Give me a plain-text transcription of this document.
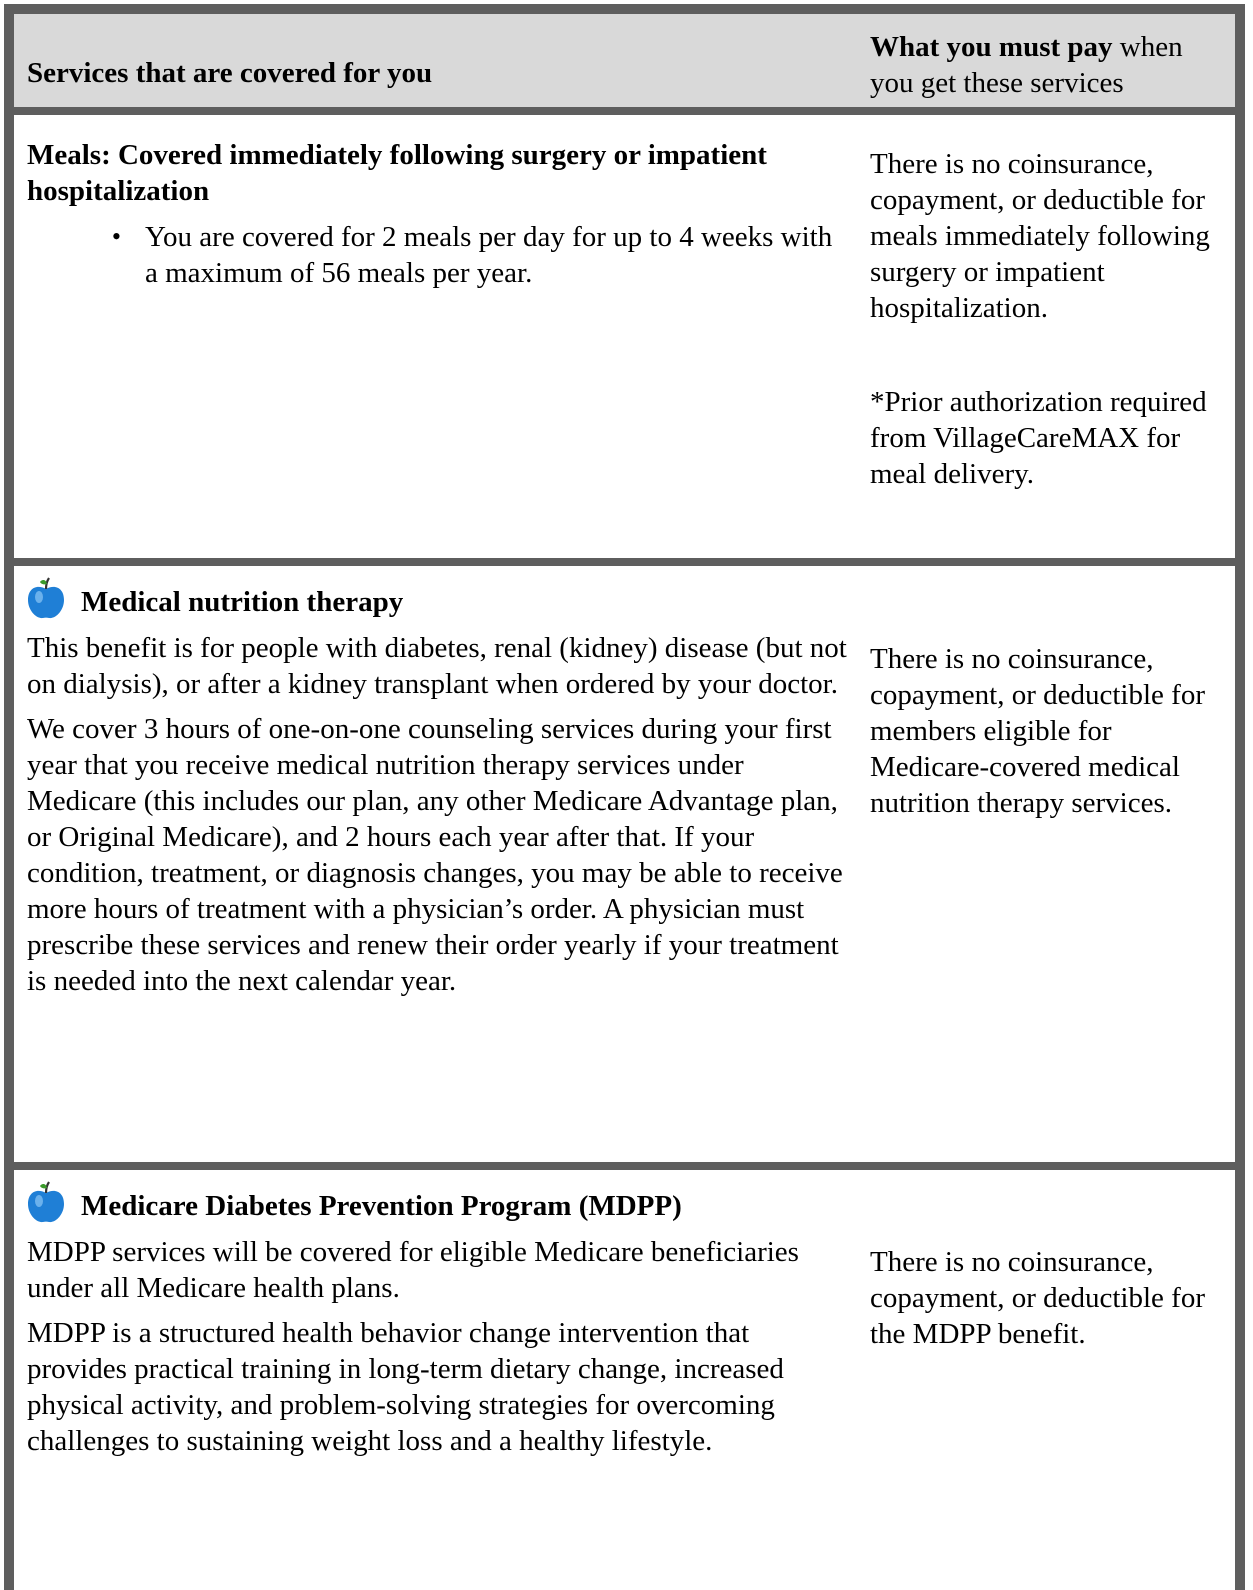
Services that are covered for you
What you must pay when you get these services
Meals: Covered immediately following surgery or impatient hospitalization
• You are covered for 2 meals per day for up to 4 weeks with a maximum of 56 meals per year.

There is no coinsurance, copayment, or deductible for meals immediately following surgery or impatient hospitalization.

*Prior authorization required from VillageCareMAX for meal delivery.

Medical nutrition therapy

This benefit is for people with diabetes, renal (kidney) disease (but not on dialysis), or after a kidney transplant when ordered by your doctor.

We cover 3 hours of one-on-one counseling services during your first year that you receive medical nutrition therapy services under Medicare (this includes our plan, any other Medicare Advantage plan, or Original Medicare), and 2 hours each year after that. If your condition, treatment, or diagnosis changes, you may be able to receive more hours of treatment with a physician’s order. A physician must prescribe these services and renew their order yearly if your treatment is needed into the next calendar year.

There is no coinsurance, copayment, or deductible for members eligible for Medicare-covered medical nutrition therapy services.

Medicare Diabetes Prevention Program (MDPP)

MDPP services will be covered for eligible Medicare beneficiaries under all Medicare health plans.

MDPP is a structured health behavior change intervention that provides practical training in long-term dietary change, increased physical activity, and problem-solving strategies for overcoming challenges to sustaining weight loss and a healthy lifestyle.

There is no coinsurance, copayment, or deductible for the MDPP benefit.
